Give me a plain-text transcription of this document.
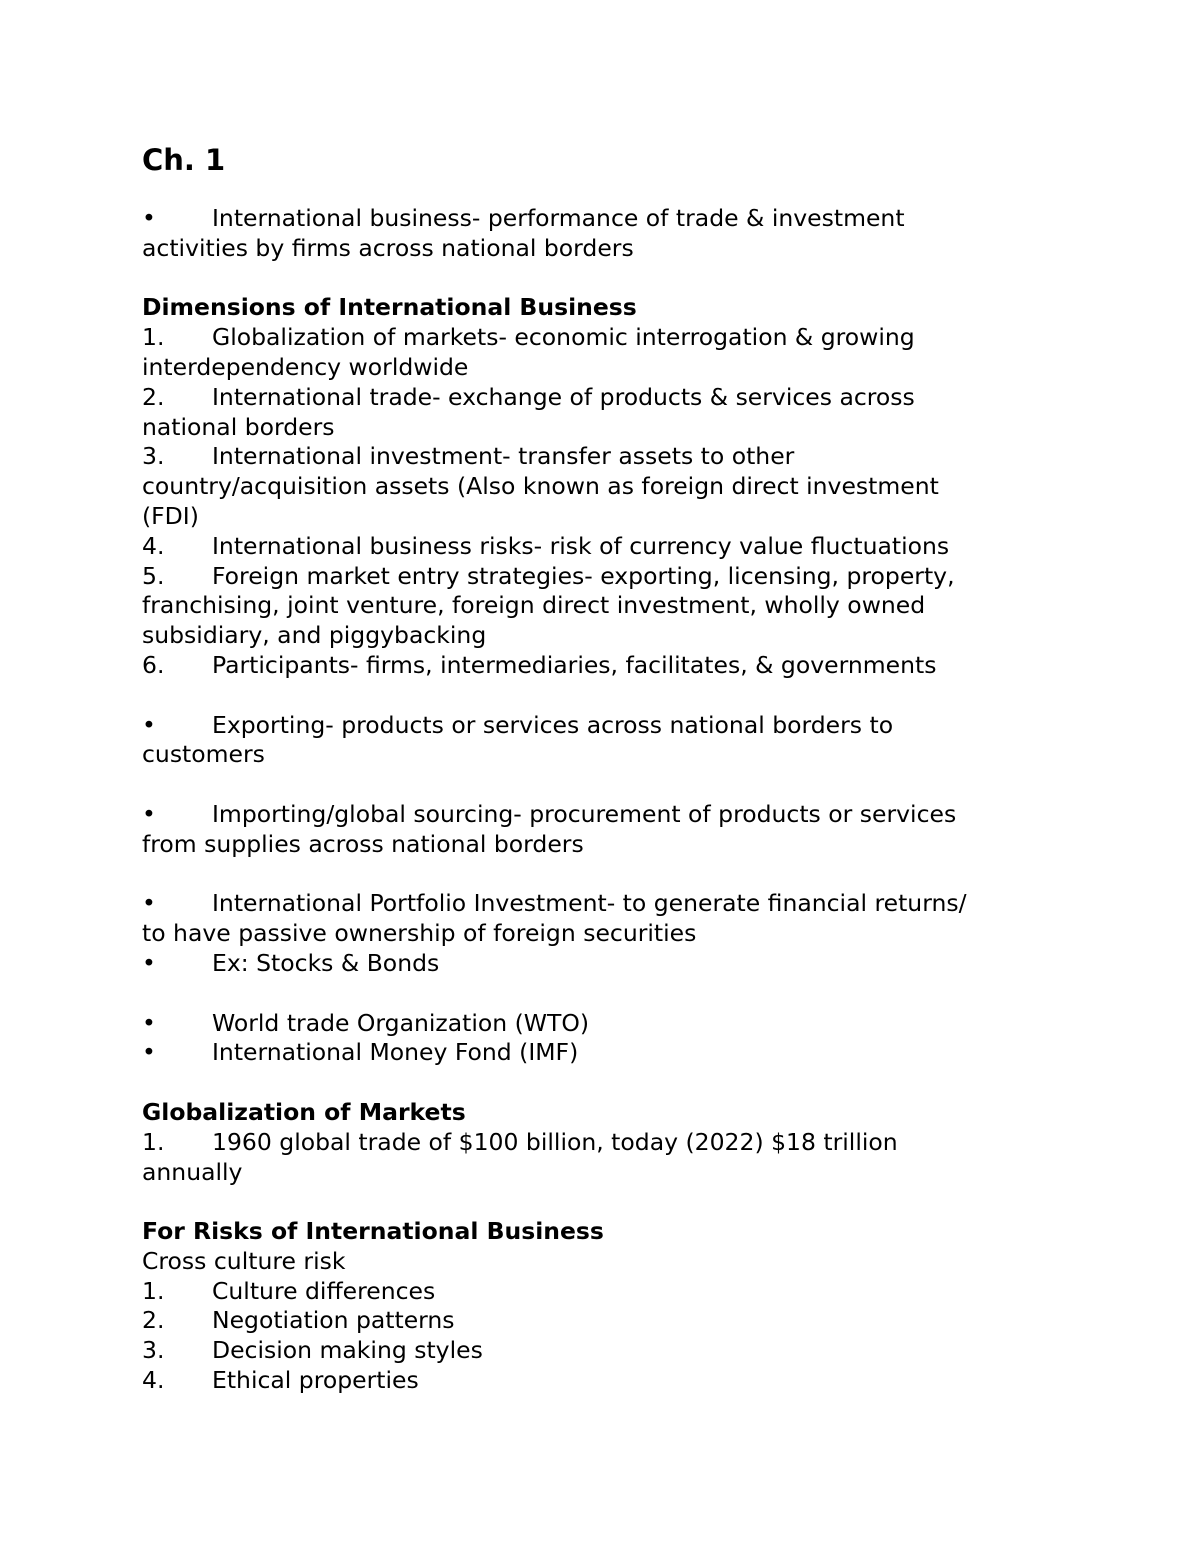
Ch. 1

• International business- performance of trade & investment

activities by firms across national borders

Dimensions of International Business

1. Globalization of markets- economic interrogation & growing

interdependency worldwide

2. International trade- exchange of products & services across

national borders

3. International investment- transfer assets to other

country/acquisition assets (Also known as foreign direct investment

(FDI)

4. International business risks- risk of currency value fluctuations

5. Foreign market entry strategies- exporting, licensing, property,

franchising, joint venture, foreign direct investment, wholly owned

subsidiary, and piggybacking

6. Participants- firms, intermediaries, facilitates, & governments

• Exporting- products or services across national borders to

customers

• Importing/global sourcing- procurement of products or services

from supplies across national borders

• International Portfolio Investment- to generate financial returns/

to have passive ownership of foreign securities

• Ex: Stocks & Bonds

• World trade Organization (WTO)

• International Money Fond (IMF)

Globalization of Markets

1. 1960 global trade of $100 billion, today (2022) $18 trillion

annually

For Risks of International Business

Cross culture risk

1. Culture differences

2. Negotiation patterns

3. Decision making styles

4. Ethical properties
